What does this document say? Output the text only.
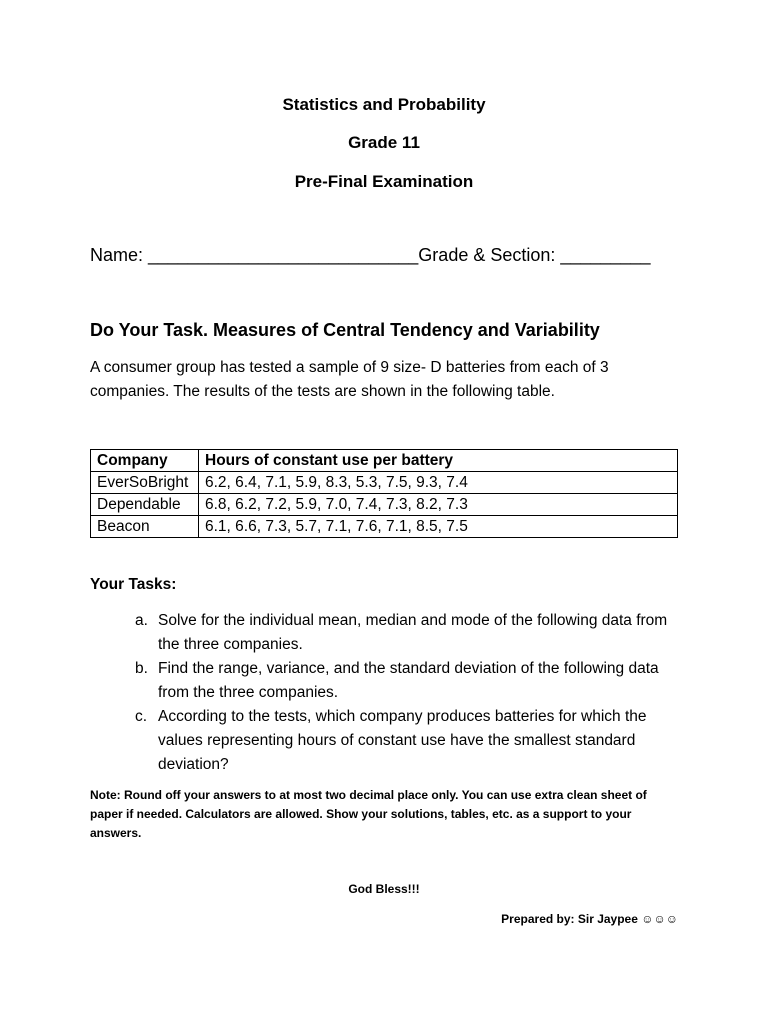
Statistics and Probability
Grade 11
Pre-Final Examination
Name: ___________________________Grade & Section: _________
Do Your Task. Measures of Central Tendency and Variability
A consumer group has tested a sample of 9 size- D batteries from each of 3 companies. The results of the tests are shown in the following table.
Company	Hours of constant use per battery
EverSoBright	6.2, 6.4, 7.1, 5.9, 8.3, 5.3, 7.5, 9.3, 7.4
Dependable	6.8, 6.2, 7.2, 5.9, 7.0, 7.4, 7.3, 8.2, 7.3
Beacon	6.1, 6.6, 7.3, 5.7, 7.1, 7.6, 7.1, 8.5, 7.5
Your Tasks:
a. Solve for the individual mean, median and mode of the following data from the three companies.
b. Find the range, variance, and the standard deviation of the following data from the three companies.
c. According to the tests, which company produces batteries for which the values representing hours of constant use have the smallest standard deviation?
Note: Round off your answers to at most two decimal place only. You can use extra clean sheet of paper if needed. Calculators are allowed. Show your solutions, tables, etc. as a support to your answers.
God Bless!!!
Prepared by: Sir Jaypee ☺☺☺
